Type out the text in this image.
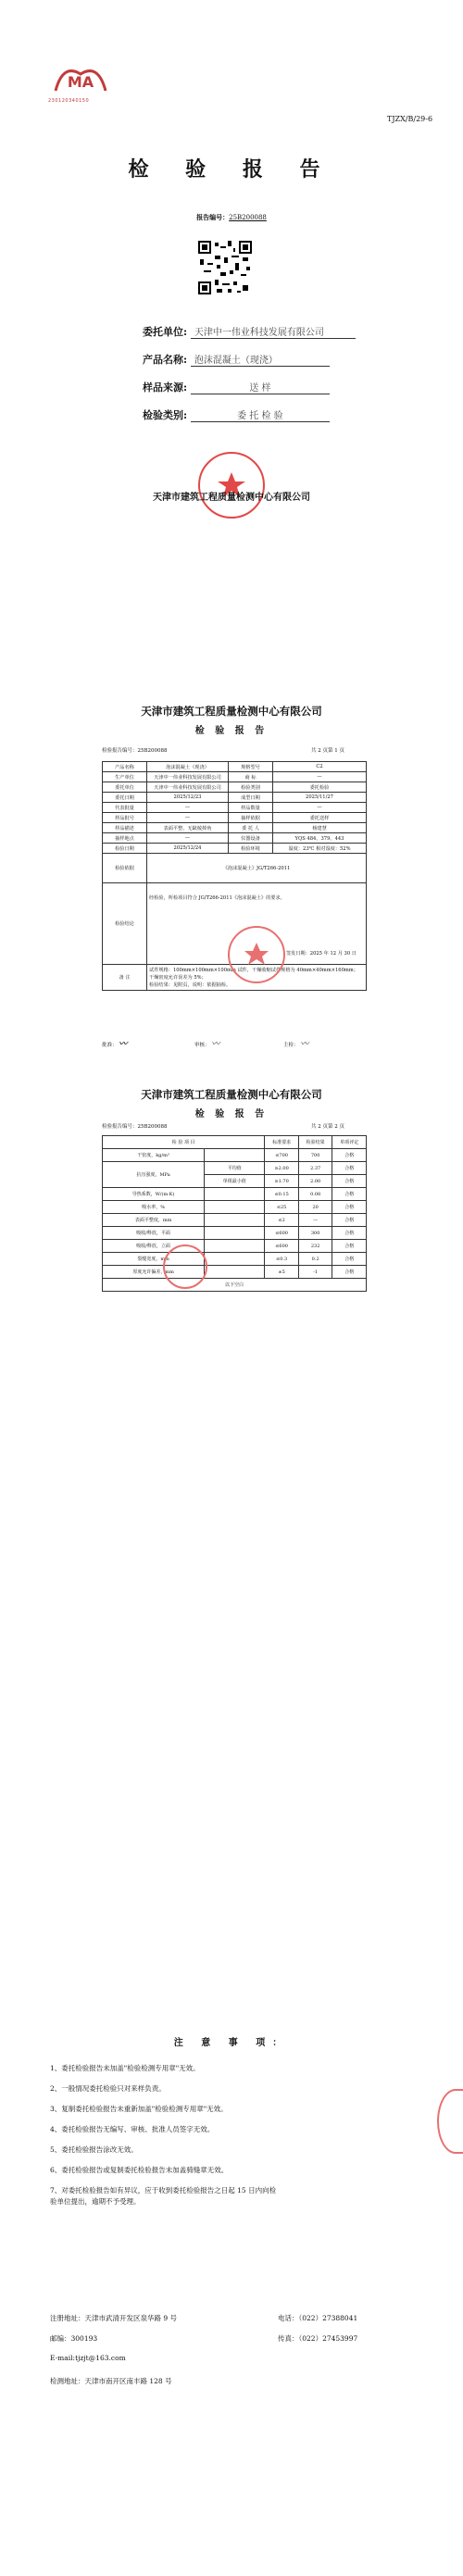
MA
230120340150
TJZX/B/29-6
检 验 报 告
报告编号：25B200088
委托单位: 天津中一伟业科技发展有限公司
产品名称: 泡沫混凝土（现浇）
样品来源:	送 样
检验类别:	委 托 检 验
天津市建筑工程质量检测中心有限公司
天津市建筑工程质量检测中心有限公司
检 验 报 告
检验报告编号：25B200088	共 2 页第 1 页
产品名称	泡沫混凝土（现浇）	规格型号	C2
生产单位	天津中一伟业科技发展有限公司	商 标	—
委托单位	天津中一伟业科技发展有限公司	检验类别	委托检验
委托日期	2025/12/23	成型日期	2025/11/27
代表批量	—	样品数量	—
样品批号	—	抽样依据	委托送样
样品描述	表面平整、无缺棱掉角	委 托 人	杨建慧
抽样地点	—	仪器设备	YQS 484、379、443
检验日期	2025/12/24	检验环境	温度：23℃ 相对湿度：52%
检验依据	《泡沫混凝土》JG/T266-2011		
检验结论	经检验，所检项目符合 JG/T266-2011《泡沫混凝土》的要求。
签发日期：2025 年 12 月 30 日		

备 注	试件规格：100mm×100mm×100mm 试件，干燥收缩试件规格为 40mm×40mm×160mm；
干燥密度允许误差为 5%；
检验结果：见附页，说明：依据抽检。		
批准： 〰	审核： 〰	主检： 〰
天津市建筑工程质量检测中心有限公司
检 验 报 告
检验报告编号：25B200088	共 2 页第 2 页
检 验 项 目		标准要求	检验结果	单项评定
干密度，kg/m³		≤700	700	合格
抗压强度，MPa	平均值	≥2.00	2.37	合格
	单组最小值	≥1.70	2.00	合格
导热系数，W/(m·K)		≤0.15	0.08	合格
吸水率，%		≤25	20	合格
表面平整度，mm		≤2	—	合格
吸收/释放，平面		≤600	300	合格
吸收/释放，立面		≤600	232	合格
裂缝宽度，mm		≤0.3	0.2	合格
厚度允许偏差，mm		±5	-1	合格
以下空白				
注 意 事 项：
1、委托检验报告未加盖"检验检测专用章"无效。
2、一般情况委托检验只对来样负责。
3、复制委托检验报告未重新加盖"检验检测专用章"无效。
4、委托检验报告无编写、审核、批准人员签字无效。
5、委托检验报告涂改无效。
6、委托检验报告或复制委托检验报告未加盖骑缝章无效。
7、对委托检验报告如有异议，应于收到委托检验报告之日起 15 日内向检
验单位提出，逾期不予受理。
注册地址：天津市武清开发区泉华路 9 号	电话：（022）27388041
邮编：300193	传真：（022）27453997
E-mail:tjzjt@163.com
检测地址：天津市南开区南丰路 128 号
